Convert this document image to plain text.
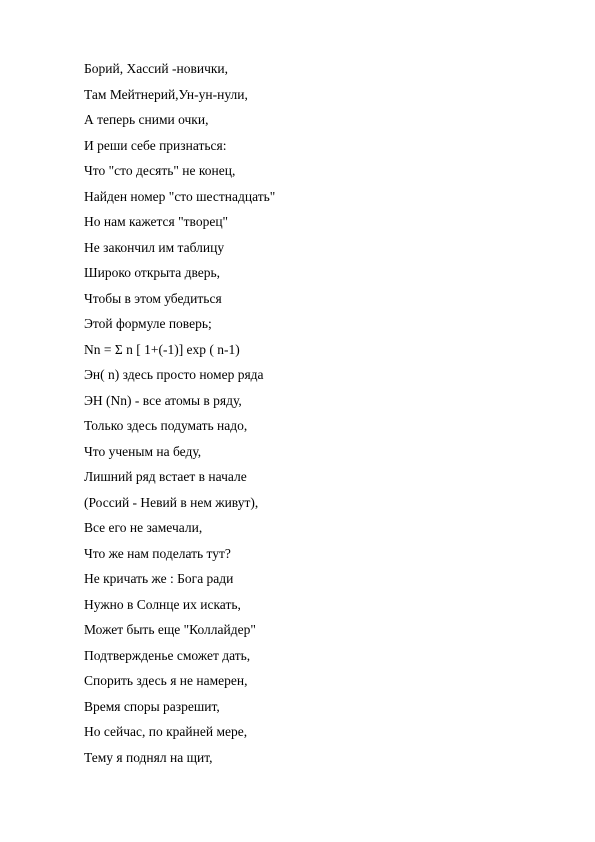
Борий, Хассий -новички,
Там Мейтнерий,Ун-ун-нули,
А теперь сними очки,
И реши себе признаться:
Что "сто десять" не конец,
Найден номер "сто шестнадцать"
Но нам кажется "творец"
Не закончил им таблицу
Широко открыта дверь,
Чтобы в этом убедиться
Этой формуле поверь;
Nn = Σ n [ 1+(-1)] exp ( n-1)
Эн( n) здесь просто номер ряда
ЭН (Nn) - все атомы в ряду,
Только здесь подумать надо,
Что ученым на беду,
Лишний ряд встает в начале
(Россий - Невий в нем живут),
Все его не замечали,
Что же нам поделать тут?
Не кричать же : Бога ради
Нужно в Солнце их искать,
Может быть еще "Коллайдер"
Подтвержденье сможет дать,
Спорить здесь я не намерен,
Время споры разрешит,
Но сейчас, по крайней мере,
Тему я поднял на щит,
